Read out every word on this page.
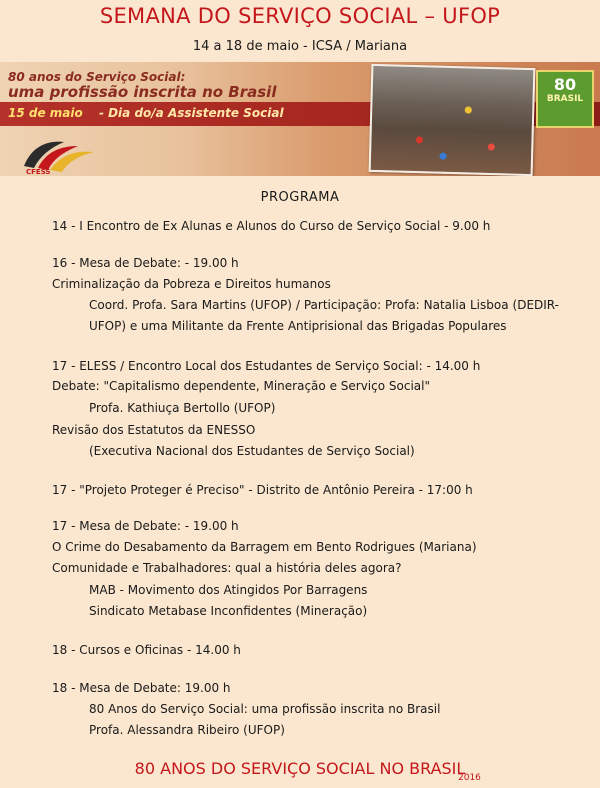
SEMANA DO SERVIÇO SOCIAL – UFOP
14 a 18 de maio - ICSA / Mariana
80 anos do Serviço Social:
uma profissão inscrita no Brasil
15 de maio - Dia do/a Assistente Social
CFESS
80
BRASIL
PROGRAMA
14 - I Encontro de Ex Alunas e Alunos do Curso de Serviço Social - 9.00 h
16 - Mesa de Debate: - 19.00 h
Criminalização da Pobreza e Direitos humanos
Coord. Profa. Sara Martins (UFOP) / Participação: Profa: Natalia Lisboa (DEDIR-UFOP) e uma Militante da Frente Antiprisional das Brigadas Populares
17 - ELESS / Encontro Local dos Estudantes de Serviço Social: - 14.00 h
Debate: "Capitalismo dependente, Mineração e Serviço Social"
Profa. Kathiuça Bertollo (UFOP)
Revisão dos Estatutos da ENESSO
(Executiva Nacional dos Estudantes de Serviço Social)
17 - "Projeto Proteger é Preciso" - Distrito de Antônio Pereira - 17:00 h
17 - Mesa de Debate: - 19.00 h
O Crime do Desabamento da Barragem em Bento Rodrigues (Mariana)
Comunidade e Trabalhadores: qual a história deles agora?
MAB - Movimento dos Atingidos Por Barragens
Sindicato Metabase Inconfidentes (Mineração)
18 - Cursos e Oficinas - 14.00 h
18 - Mesa de Debate: 19.00 h
80 Anos do Serviço Social: uma profissão inscrita no Brasil
Profa. Alessandra Ribeiro (UFOP)
80 ANOS DO SERVIÇO SOCIAL NO BRASIL
2016
